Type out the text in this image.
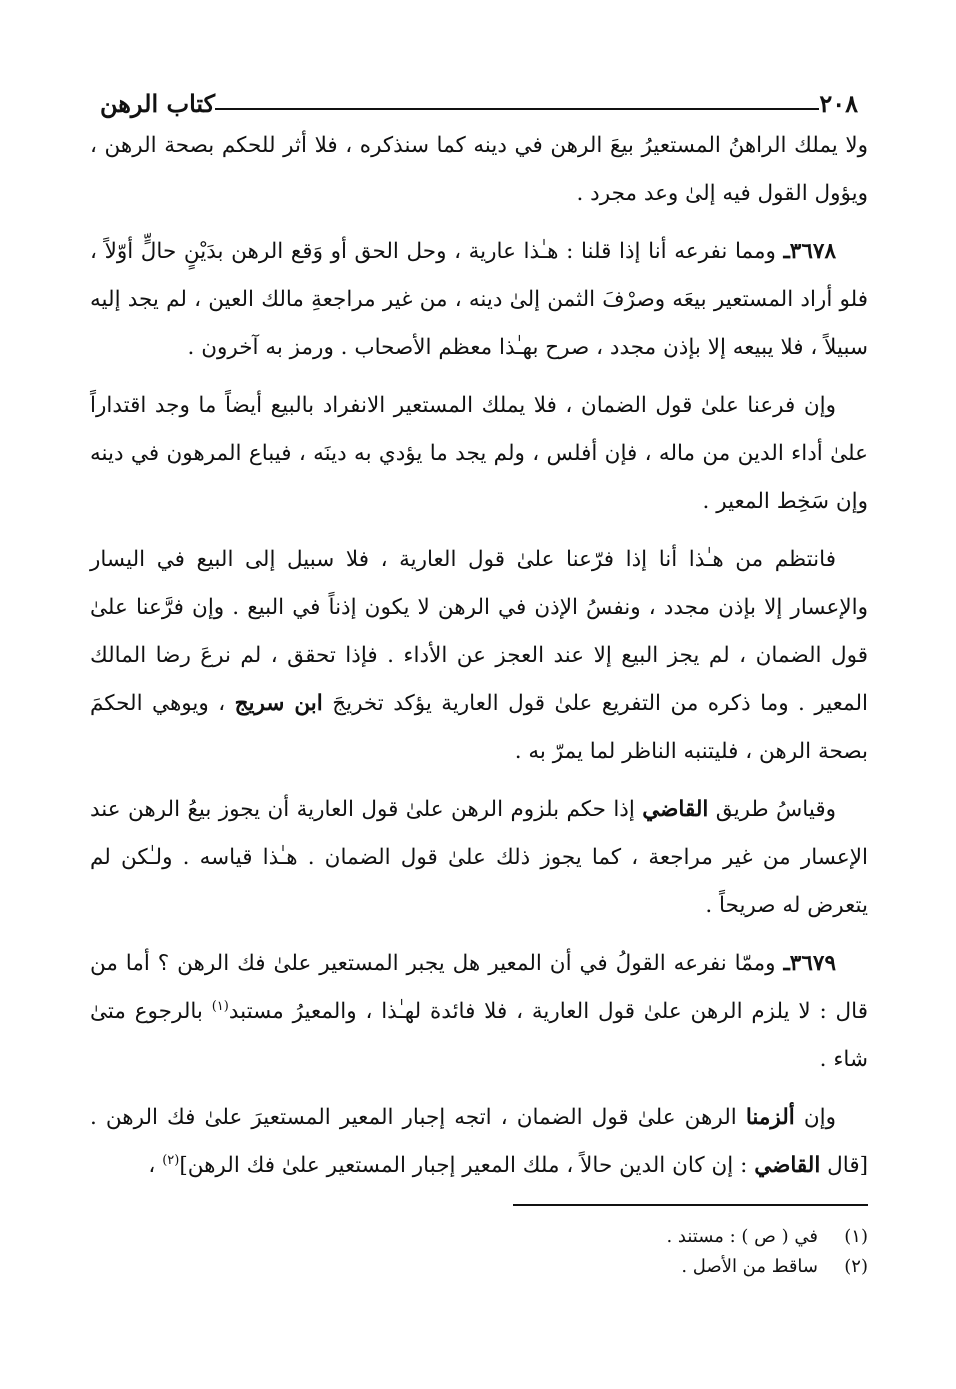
٢٠٨
كتاب الرهن

ولا يملك الراهنُ المستعيرُ بيعَ الرهن في دينه كما سنذكره ، فلا أثر للحكم بصحة الرهن ، ويؤول القول فيه إلىٰ وعد مجرد .

٣٦٧٨ـ ومما نفرعه أنا إذا قلنا : هـٰذا عارية ، وحل الحق أو وَقع الرهن بدَيْنٍ حالٍّ أوّلاً ، فلو أراد المستعير بيعَه وصرْفَ الثمن إلىٰ دينه ، من غير مراجعةِ مالك العين ، لم يجد إليه سبيلاً ، فلا يبيعه إلا بإذن مجدد ، صرح بهـٰذا معظم الأصحاب . ورمز به آخرون .

وإن فرعنا علىٰ قول الضمان ، فلا يملك المستعير الانفراد بالبيع أيضاً ما وجد اقتداراً علىٰ أداء الدين من ماله ، فإن أفلس ، ولم يجد ما يؤدي به دينَه ، فيباع المرهون في دينه وإن سَخِط المعير .

فانتظم من هـٰذا أنا إذا فرّعنا علىٰ قول العارية ، فلا سبيل إلى البيع في اليسار والإعسار إلا بإذن مجدد ، ونفسُ الإذن في الرهن لا يكون إذناً في البيع . وإن فرَّعنا علىٰ قول الضمان ، لم يجز البيع إلا عند العجز عن الأداء . فإذا تحقق ، لم نرعَ رضا المالك المعير . وما ذكره من التفريع علىٰ قول العارية يؤكد تخريجَ ابن سريج ، ويوهي الحكمَ بصحة الرهن ، فليتنبه الناظر لما يمرّ به .

وقياسُ طريق القاضي إذا حكم بلزوم الرهن علىٰ قول العارية أن يجوز بيعُ الرهن عند الإعسار من غير مراجعة ، كما يجوز ذلك علىٰ قول الضمان . هـٰذا قياسه . ولـٰكن لم يتعرض له صريحاً .

٣٦٧٩ـ وممّا نفرعه القولُ في أن المعير هل يجبر المستعير علىٰ فك الرهن ؟ أما من قال : لا يلزم الرهن علىٰ قول العارية ، فلا فائدة لهـٰذا ، والمعيرُ مستبد$^{(١)}$ بالرجوع متىٰ شاء .

وإن ألزمنا الرهن علىٰ قول الضمان ، اتجه إجبار المعير المستعيرَ علىٰ فك الرهن . [قال القاضي : إن كان الدين حالاً ، ملك المعير إجبار المستعير علىٰ فك الرهن]$^{(٢)}$ ،

(١)
في ( ص ) : مستند .
(٢)
ساقط من الأصل .
